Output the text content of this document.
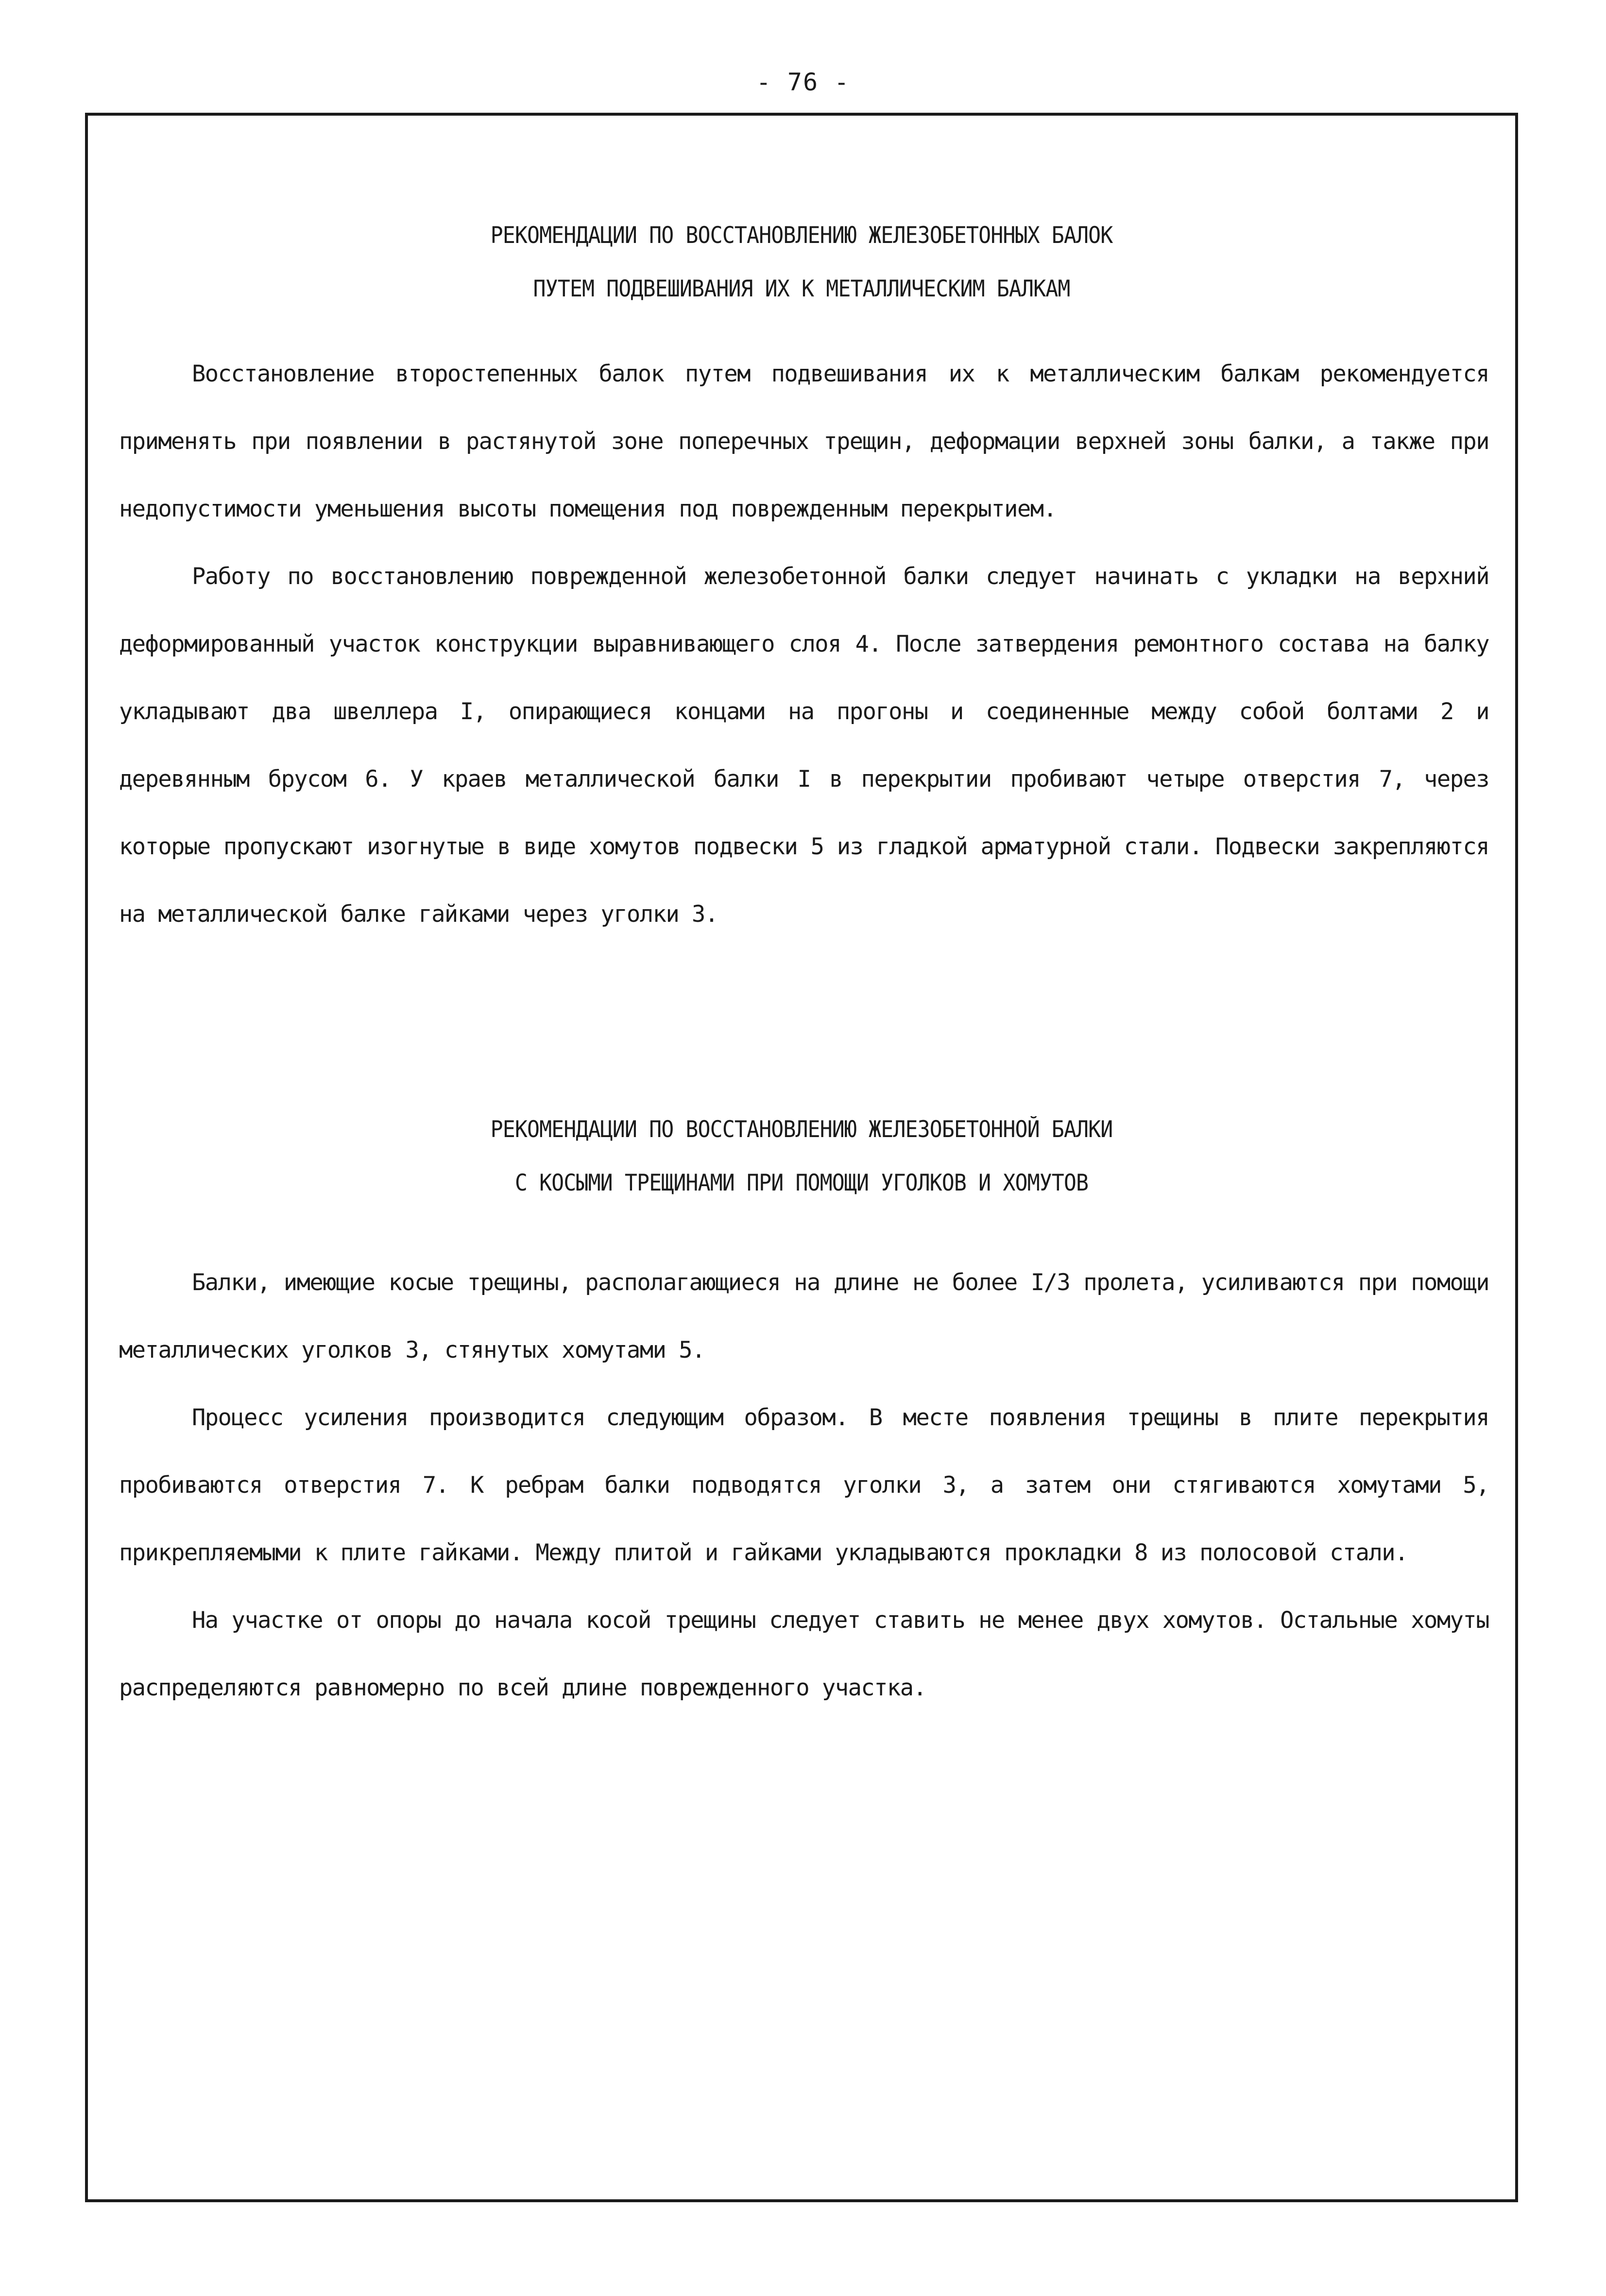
- 76 -
РЕКОМЕНДАЦИИ ПО ВОССТАНОВЛЕНИЮ ЖЕЛЕЗОБЕТОННЫХ БАЛОК
ПУТЕМ ПОДВЕШИВАНИЯ ИХ К МЕТАЛЛИЧЕСКИМ БАЛКАМ

Восстановление второстепенных балок путем подвешивания их к металлическим балкам рекомендуется применять при появлении в растянутой зоне поперечных трещин, деформации верхней зоны балки, а также при недопустимости уменьшения высоты помещения под поврежденным перекрытием.

Работу по восстановлению поврежденной железобетонной балки следует начинать с укладки на верхний деформированный участок конструкции выравнивающего слоя 4. После затвердения ремонтного состава на балку укладывают два швеллера I, опирающиеся концами на прогоны и соединенные между собой болтами 2 и деревянным брусом 6. У краев металлической балки I в перекрытии пробивают четыре отверстия 7, через которые пропускают изогнутые в виде хомутов подвески 5 из гладкой арматурной стали. Подвески закрепляются на металлической балке гайками через уголки 3.

РЕКОМЕНДАЦИИ ПО ВОССТАНОВЛЕНИЮ ЖЕЛЕЗОБЕТОННОЙ БАЛКИ
С КОСЫМИ ТРЕЩИНАМИ ПРИ ПОМОЩИ УГОЛКОВ И ХОМУТОВ

Балки, имеющие косые трещины, располагающиеся на длине не более I/3 пролета, усиливаются при помощи металлических уголков 3, стянутых хомутами 5.

Процесс усиления производится следующим образом. В месте появления трещины в плите перекрытия пробиваются отверстия 7. К ребрам балки подводятся уголки 3, а затем они стягиваются хомутами 5, прикрепляемыми к плите гайками. Между плитой и гайками укладываются прокладки 8 из полосовой стали.

На участке от опоры до начала косой трещины следует ставить не менее двух хомутов. Остальные хомуты распределяются равномерно по всей длине поврежденного участка.
